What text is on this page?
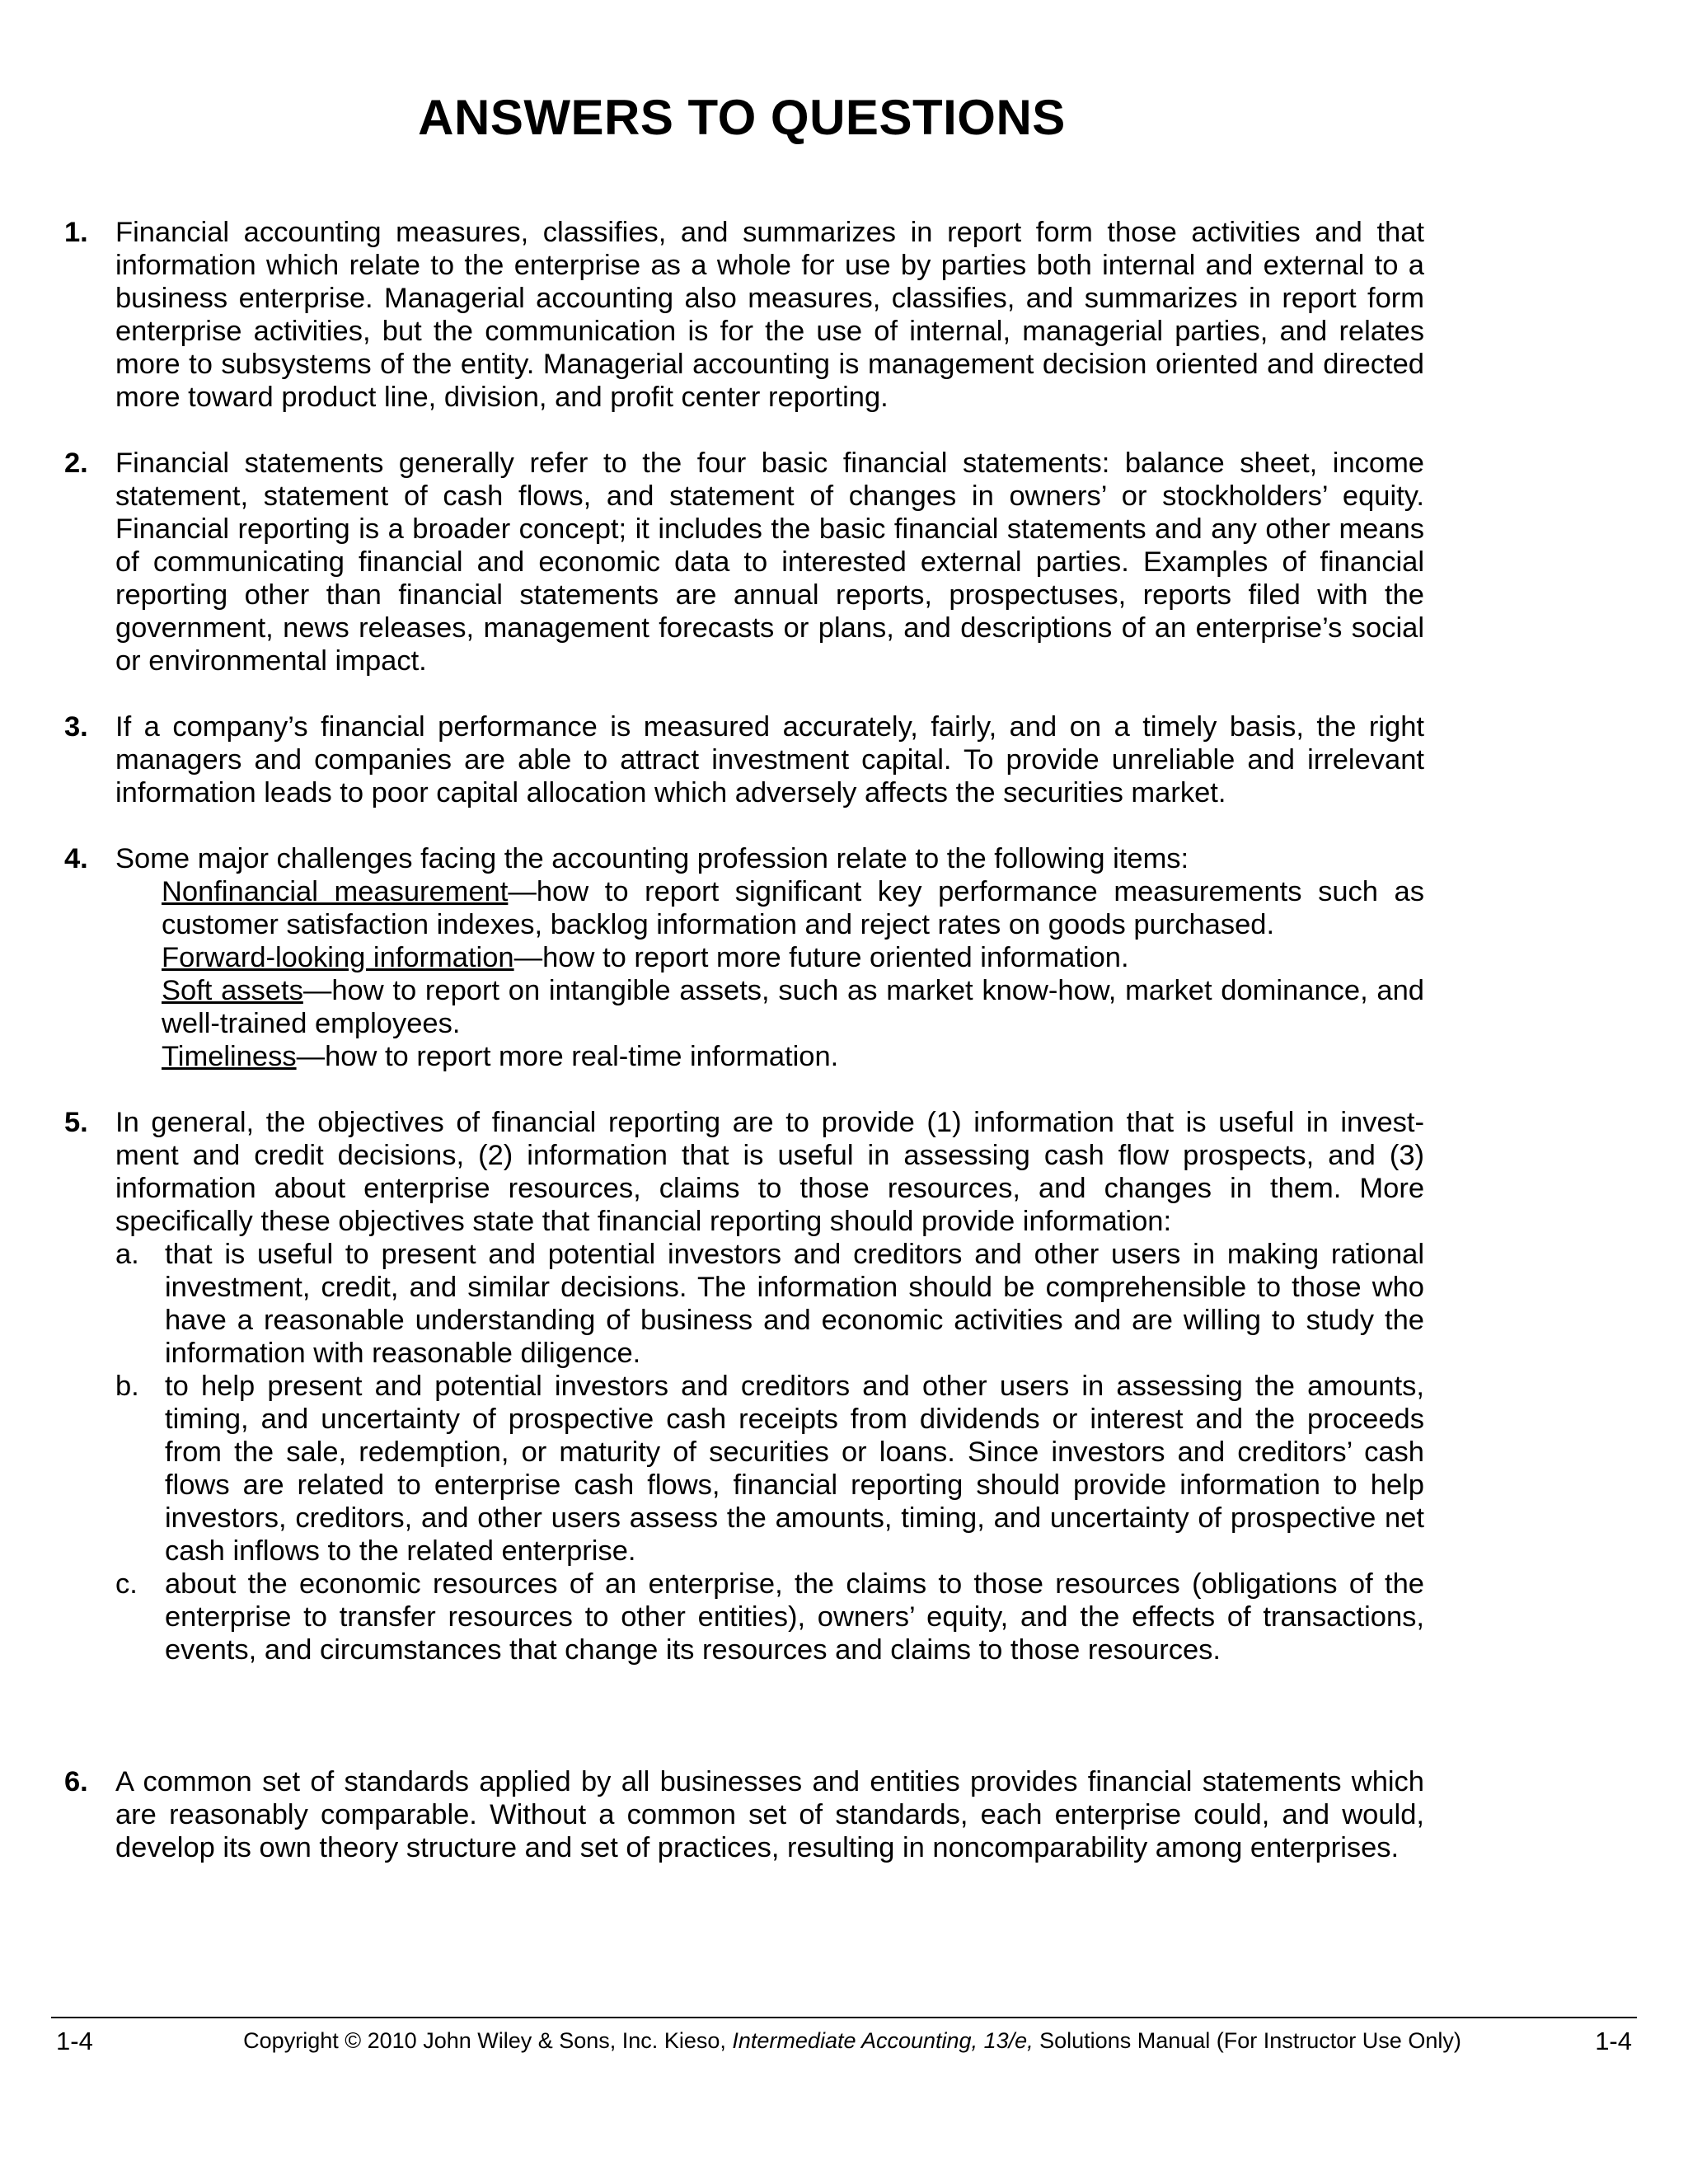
ANSWERS TO QUESTIONS
1. Financial accounting measures, classifies, and summarizes in report form those activities and that information which relate to the enterprise as a whole for use by parties both internal and external to a business enterprise. Managerial accounting also measures, classifies, and summarizes in report form enterprise activities, but the communication is for the use of internal, managerial parties, and relates more to subsystems of the entity. Managerial accounting is management decision oriented and directed more toward product line, division, and profit center reporting.
2. Financial statements generally refer to the four basic financial statements: balance sheet, income statement, statement of cash flows, and statement of changes in owners’ or stockholders’ equity. Financial reporting is a broader concept; it includes the basic financial statements and any other means of communicating financial and economic data to interested external parties. Examples of financial reporting other than financial statements are annual reports, prospectuses, reports filed with the government, news releases, management forecasts or plans, and descriptions of an enterprise’s social or environmental impact.
3. If a company’s financial performance is measured accurately, fairly, and on a timely basis, the right managers and companies are able to attract investment capital. To provide unreliable and irrelevant information leads to poor capital allocation which adversely affects the securities market.
4. Some major challenges facing the accounting profession relate to the following items:
Nonfinancial measurement—how to report significant key performance measurements such as customer satisfaction indexes, backlog information and reject rates on goods purchased.
Forward-looking information—how to report more future oriented information.
Soft assets—how to report on intangible assets, such as market know-how, market dominance, and well-trained employees.
Timeliness—how to report more real-time information.
5. In general, the objectives of financial reporting are to provide (1) information that is useful in invest- ment and credit decisions, (2) information that is useful in assessing cash flow prospects, and (3) information about enterprise resources, claims to those resources, and changes in them. More specifically these objectives state that financial reporting should provide information:
a. that is useful to present and potential investors and creditors and other users in making rational investment, credit, and similar decisions. The information should be comprehensible to those who have a reasonable understanding of business and economic activities and are willing to study the information with reasonable diligence.
b. to help present and potential investors and creditors and other users in assessing the amounts, timing, and uncertainty of prospective cash receipts from dividends or interest and the proceeds from the sale, redemption, or maturity of securities or loans. Since investors and creditors’ cash flows are related to enterprise cash flows, financial reporting should provide information to help investors, creditors, and other users assess the amounts, timing, and uncertainty of prospective net cash inflows to the related enterprise.
c. about the economic resources of an enterprise, the claims to those resources (obligations of the enterprise to transfer resources to other entities), owners’ equity, and the effects of transactions, events, and circumstances that change its resources and claims to those resources.
6. A common set of standards applied by all businesses and entities provides financial statements which are reasonably comparable. Without a common set of standards, each enterprise could, and would, develop its own theory structure and set of practices, resulting in noncomparability among enterprises.
1-4	Copyright © 2010 John Wiley & Sons, Inc. Kieso, Intermediate Accounting, 13/e, Solutions Manual (For Instructor Use Only)	1-4
